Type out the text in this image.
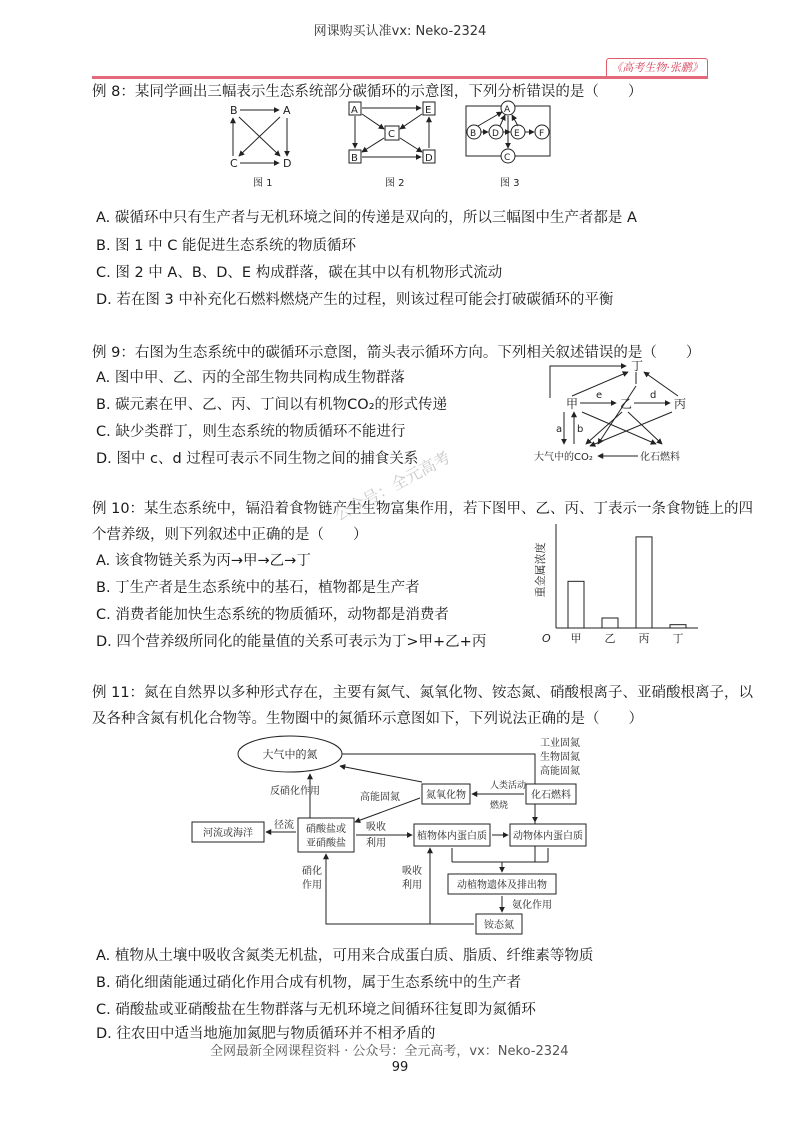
网课购买认准vx: Neko-2324
《高考生物·张鹏》
例 8：某同学画出三幅表示生态系统部分碳循环的示意图，下列分析错误的是（　　）
B	A
C	D
图 1
A	E
C
B	D
图 2
A
B D E F
C
图 3
A. 碳循环中只有生产者与无机环境之间的传递是双向的，所以三幅图中生产者都是 A
B. 图 1 中 C 能促进生态系统的物质循环
C. 图 2 中 A、B、D、E 构成群落，碳在其中以有机物形式流动
D. 若在图 3 中补充化石燃料燃烧产生的过程，则该过程可能会打破碳循环的平衡
例 9：右图为生态系统中的碳循环示意图，箭头表示循环方向。下列相关叙述错误的是（　　）
A. 图中甲、乙、丙的全部生物共同构成生物群落
B. 碳元素在甲、乙、丙、丁间以有机物CO₂的形式传递
C. 缺少类群丁，则生态系统的物质循环不能进行
D. 图中 c、d 过程可表示不同生物之间的捕食关系
丁
甲	乙	丙
大气中的CO₂	化石燃料
e	d
a b
公众号：全元高考
例 10：某生态系统中，镉沿着食物链产生生物富集作用，若下图甲、乙、丙、丁表示一条食物链上的四
个营养级，则下列叙述中正确的是（　　）
A. 该食物链关系为丙→甲→乙→丁
B. 丁生产者是生态系统中的基石，植物都是生产者
C. 消费者能加快生态系统的物质循环，动物都是消费者
D. 四个营养级所同化的能量值的关系可表示为丁>甲+乙+丙
重金属浓度
O 甲 乙 丙 丁
例 11：氮在自然界以多种形式存在，主要有氮气、氮氧化物、铵态氮、硝酸根离子、亚硝酸根离子，以
及各种含氮有机化合物等。生物圈中的氮循环示意图如下，下列说法正确的是（　　）
大气中的氮
工业固氮
生物固氮
高能固氮
氮氧化物	化石燃料
人类活动
燃烧
高能固氮
反硝化作用
河流或海洋
径流 硝酸盐或
亚硝酸盐
吸收
利用
植物体内蛋白质	动物体内蛋白质
动植物遗体及排出物
氨化作用
铵态氮
硝化
作用
吸收
利用
A. 植物从土壤中吸收含氮类无机盐，可用来合成蛋白质、脂质、纤维素等物质
B. 硝化细菌能通过硝化作用合成有机物，属于生态系统中的生产者
C. 硝酸盐或亚硝酸盐在生物群落与无机环境之间循环往复即为氮循环
D. 往农田中适当地施加氮肥与物质循环并不相矛盾的
全网最新全网课程资料 · 公众号：全元高考，vx：Neko-2324
99
